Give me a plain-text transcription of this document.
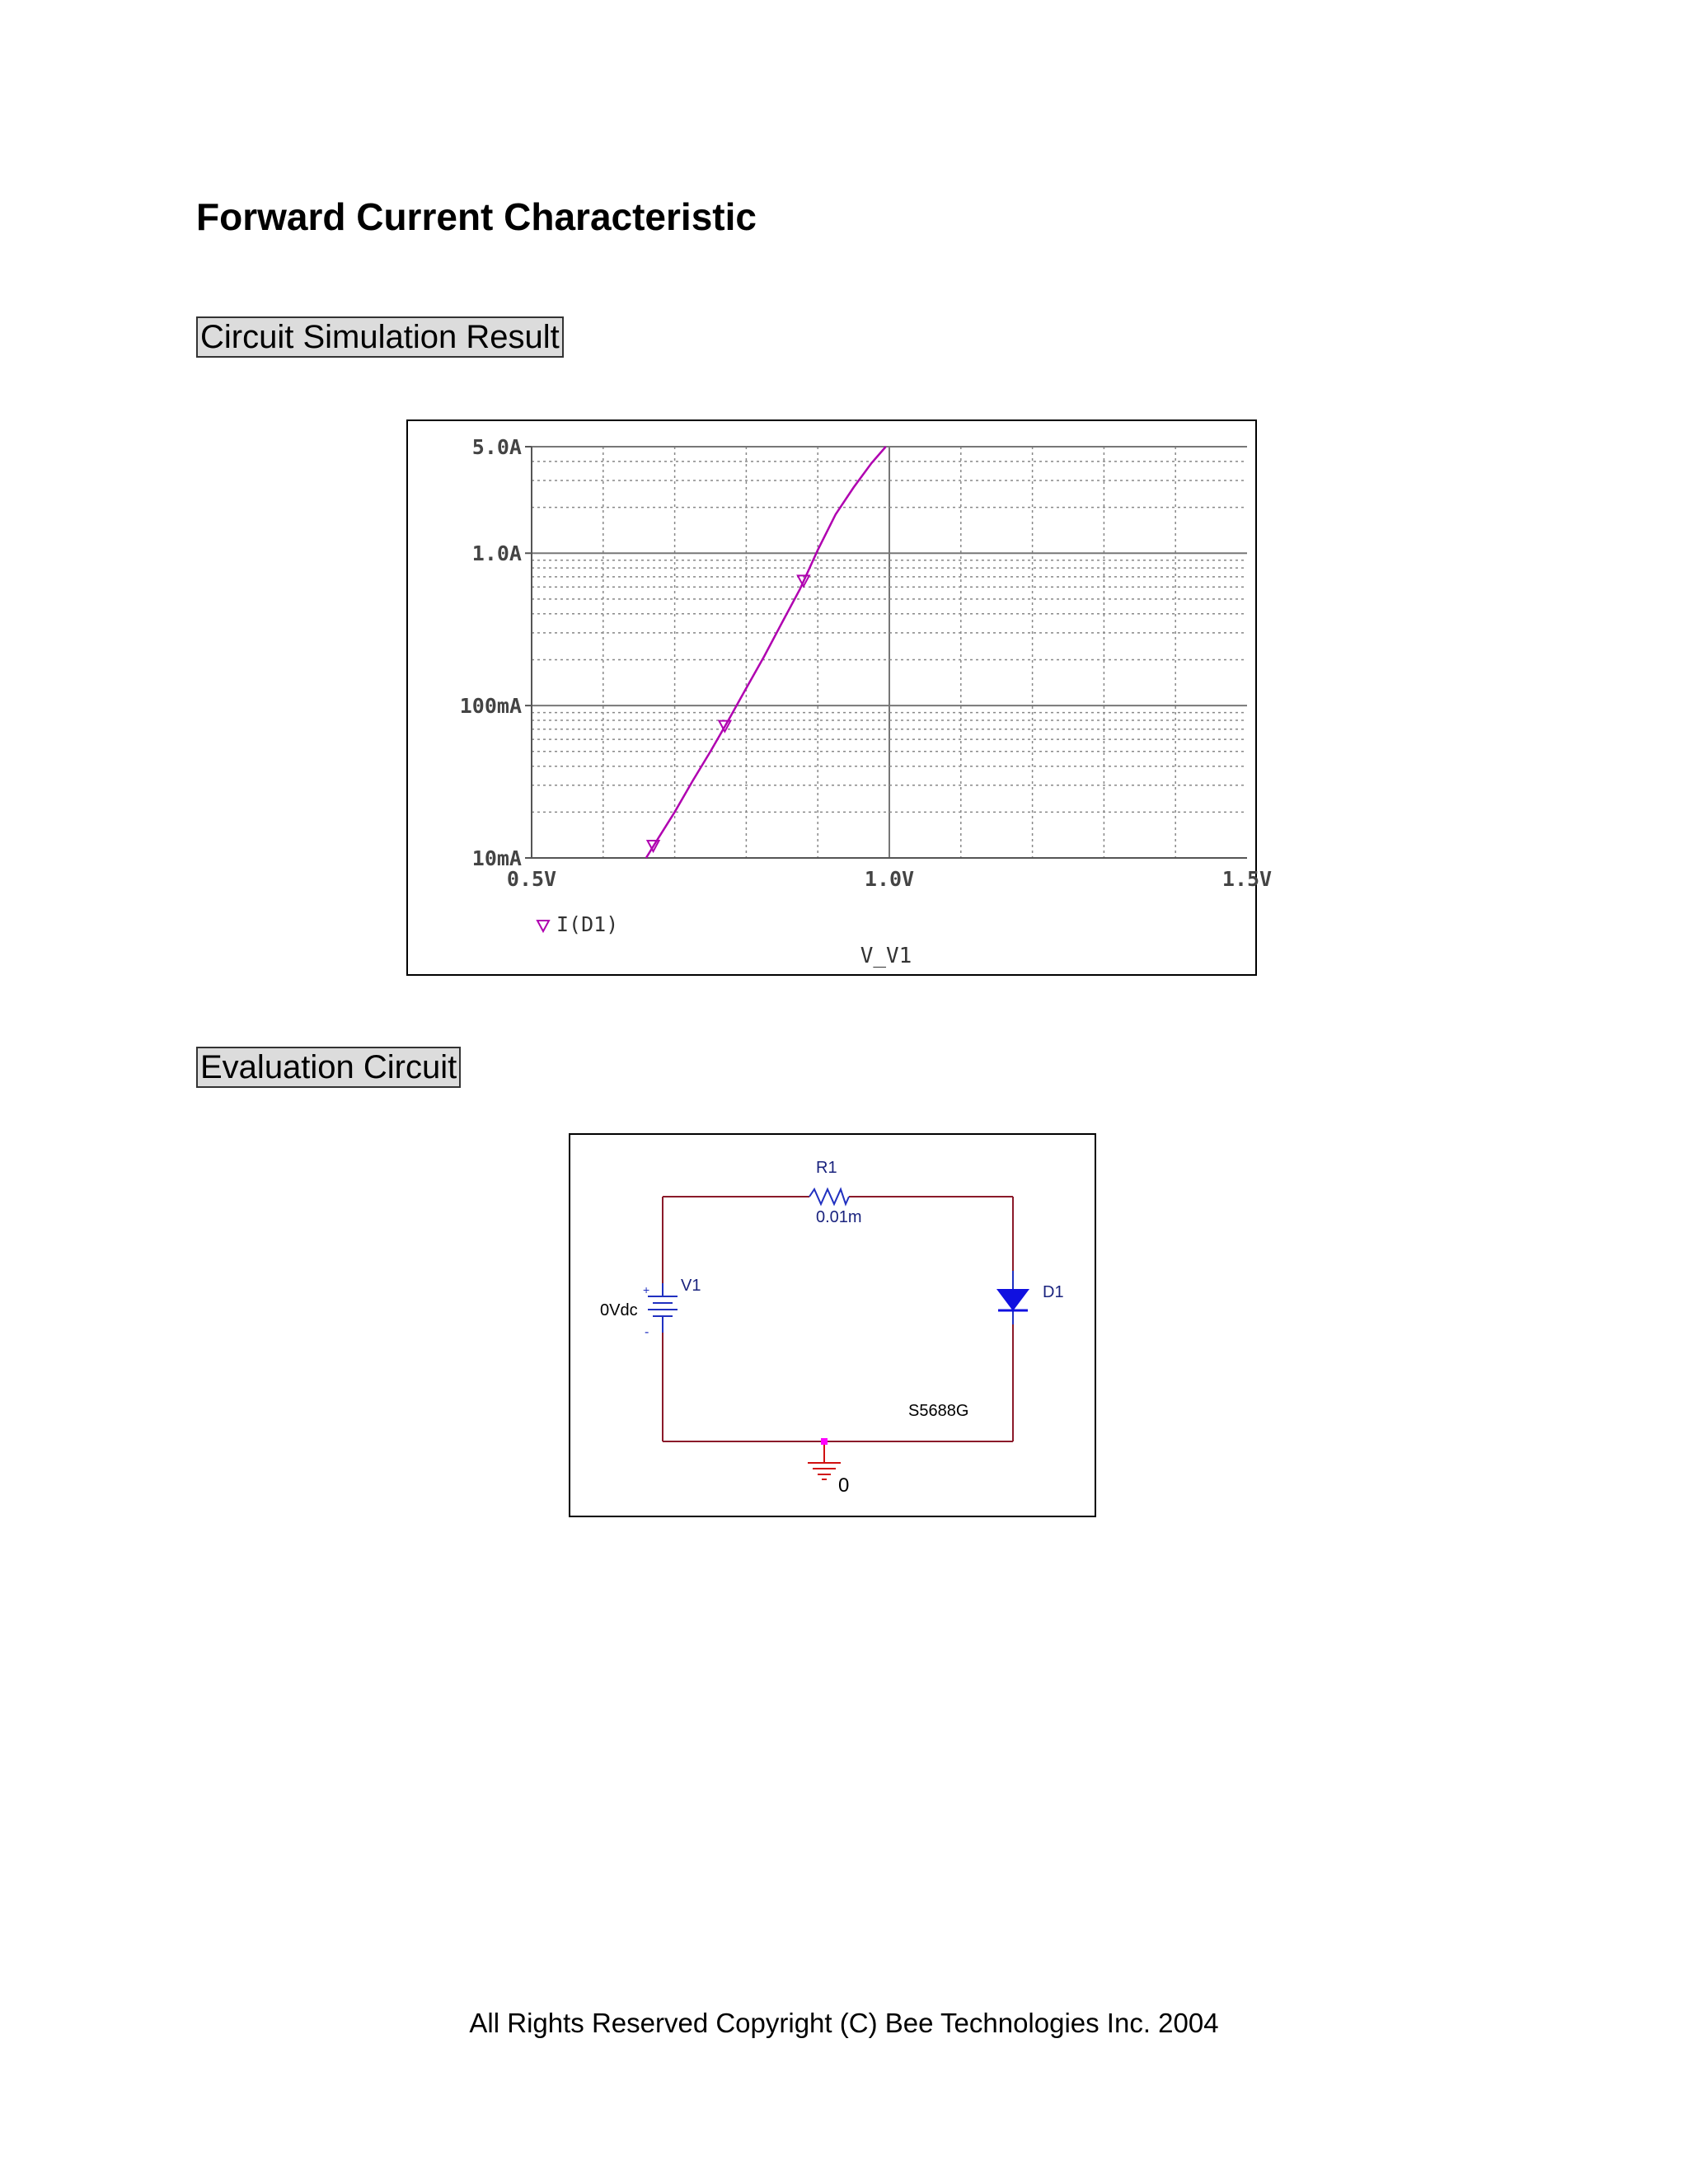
Forward Current Characteristic
Circuit Simulation Result
10mA
100mA
1.0A
5.0A
0.5V	1.0V	1.5V
I(D1)
V_V1
Evaluation Circuit
R1
0.01m
+
-
V1
0Vdc
D1
S5688G
0
All Rights Reserved Copyright (C) Bee Technologies Inc. 2004
